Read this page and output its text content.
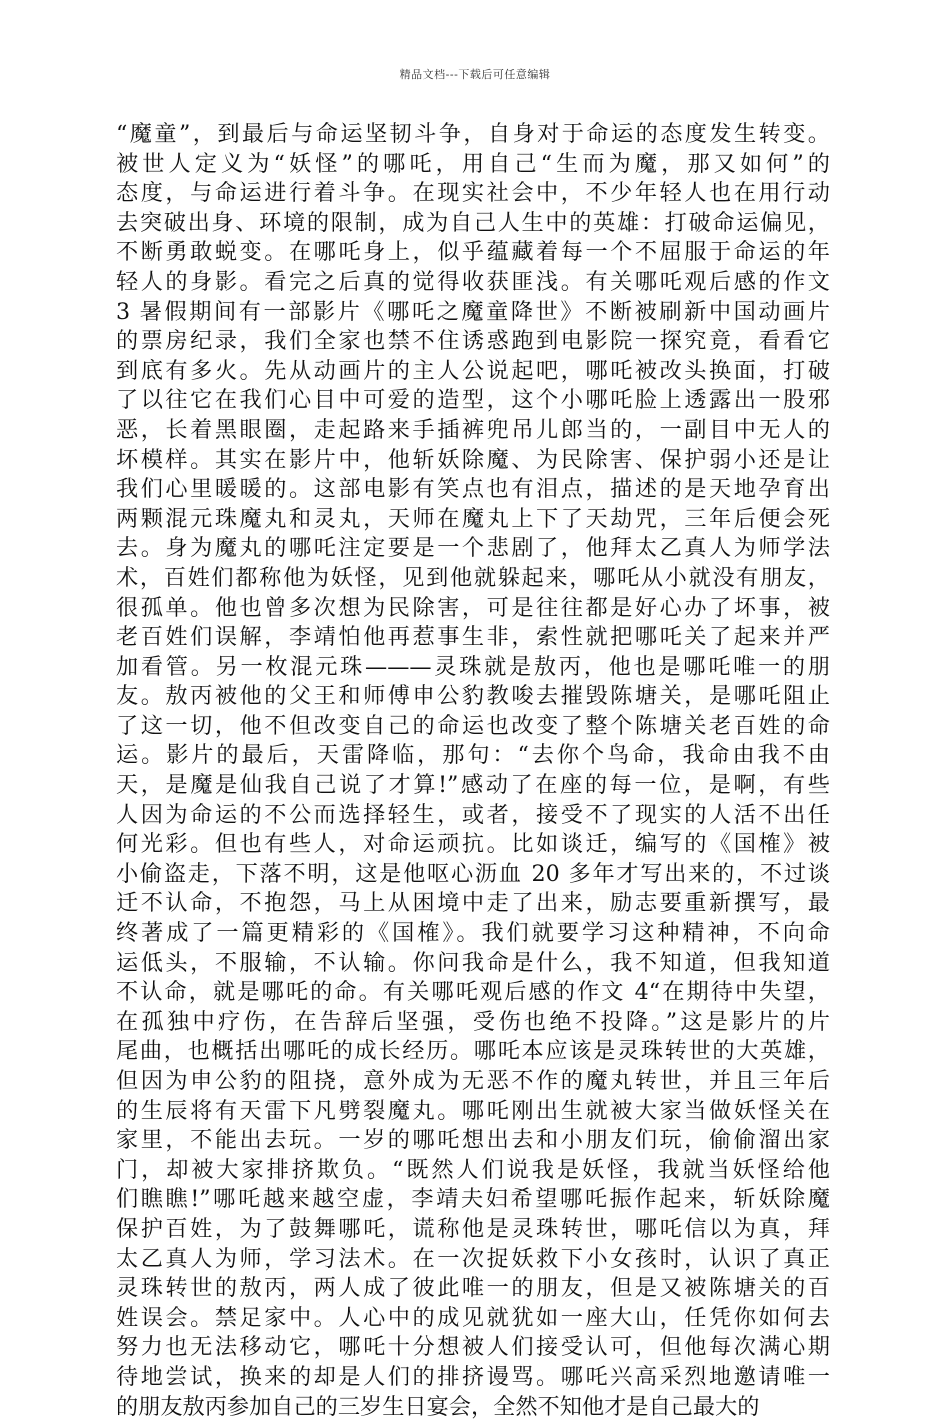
精品文档---下载后可任意编辑
“魔童”，到最后与命运坚韧斗争，自身对于命运的态度发生转变。
被世人定义为“妖怪”的哪吒，用自己“生而为魔，那又如何”的
态度，与命运进行着斗争。在现实社会中，不少年轻人也在用行动
去突破出身、环境的限制，成为自己人生中的英雄：打破命运偏见，
不断勇敢蜕变。在哪吒身上，似乎蕴藏着每一个不屈服于命运的年
轻人的身影。看完之后真的觉得收获匪浅。有关哪吒观后感的作文
3 暑假期间有一部影片《哪吒之魔童降世》不断被刷新中国动画片
的票房纪录，我们全家也禁不住诱惑跑到电影院一探究竟，看看它
到底有多火。先从动画片的主人公说起吧，哪吒被改头换面，打破
了以往它在我们心目中可爱的造型，这个小哪吒脸上透露出一股邪
恶，长着黑眼圈，走起路来手插裤兜吊儿郎当的，一副目中无人的
坏模样。其实在影片中，他斩妖除魔、为民除害、保护弱小还是让
我们心里暖暖的。这部电影有笑点也有泪点，描述的是天地孕育出
两颗混元珠魔丸和灵丸，天师在魔丸上下了天劫咒，三年后便会死
去。身为魔丸的哪吒注定要是一个悲剧了，他拜太乙真人为师学法
术，百姓们都称他为妖怪，见到他就躲起来，哪吒从小就没有朋友，
很孤单。他也曾多次想为民除害，可是往往都是好心办了坏事，被
老百姓们误解，李靖怕他再惹事生非，索性就把哪吒关了起来并严
加看管。另一枚混元珠———灵珠就是敖丙，他也是哪吒唯一的朋
友。敖丙被他的父王和师傅申公豹教唆去摧毁陈塘关，是哪吒阻止
了这一切，他不但改变自己的命运也改变了整个陈塘关老百姓的命
运。影片的最后，天雷降临，那句：“去你个鸟命，我命由我不由
天，是魔是仙我自己说了才算!”感动了在座的每一位，是啊，有些
人因为命运的不公而选择轻生，或者，接受不了现实的人活不出任
何光彩。但也有些人，对命运顽抗。比如谈迁，编写的《国榷》被
小偷盗走，下落不明，这是他呕心沥血 20 多年才写出来的，不过谈
迁不认命，不抱怨，马上从困境中走了出来，励志要重新撰写，最
终著成了一篇更精彩的《国榷》。我们就要学习这种精神，不向命
运低头，不服输，不认输。你问我命是什么，我不知道，但我知道
不认命，就是哪吒的命。有关哪吒观后感的作文 4“在期待中失望，
在孤独中疗伤，在告辞后坚强，受伤也绝不投降。”这是影片的片
尾曲，也概括出哪吒的成长经历。哪吒本应该是灵珠转世的大英雄，
但因为申公豹的阻挠，意外成为无恶不作的魔丸转世，并且三年后
的生辰将有天雷下凡劈裂魔丸。哪吒刚出生就被大家当做妖怪关在
家里，不能出去玩。一岁的哪吒想出去和小朋友们玩，偷偷溜出家
门，却被大家排挤欺负。“既然人们说我是妖怪，我就当妖怪给他
们瞧瞧!”哪吒越来越空虚，李靖夫妇希望哪吒振作起来，斩妖除魔
保护百姓，为了鼓舞哪吒，谎称他是灵珠转世，哪吒信以为真，拜
太乙真人为师，学习法术。在一次捉妖救下小女孩时，认识了真正
灵珠转世的敖丙，两人成了彼此唯一的朋友，但是又被陈塘关的百
姓误会。禁足家中。人心中的成见就犹如一座大山，任凭你如何去
努力也无法移动它，哪吒十分想被人们接受认可，但他每次满心期
待地尝试，换来的却是人们的排挤谩骂。哪吒兴高采烈地邀请唯一
的朋友敖丙参加自己的三岁生日宴会，全然不知他才是自己最大的
